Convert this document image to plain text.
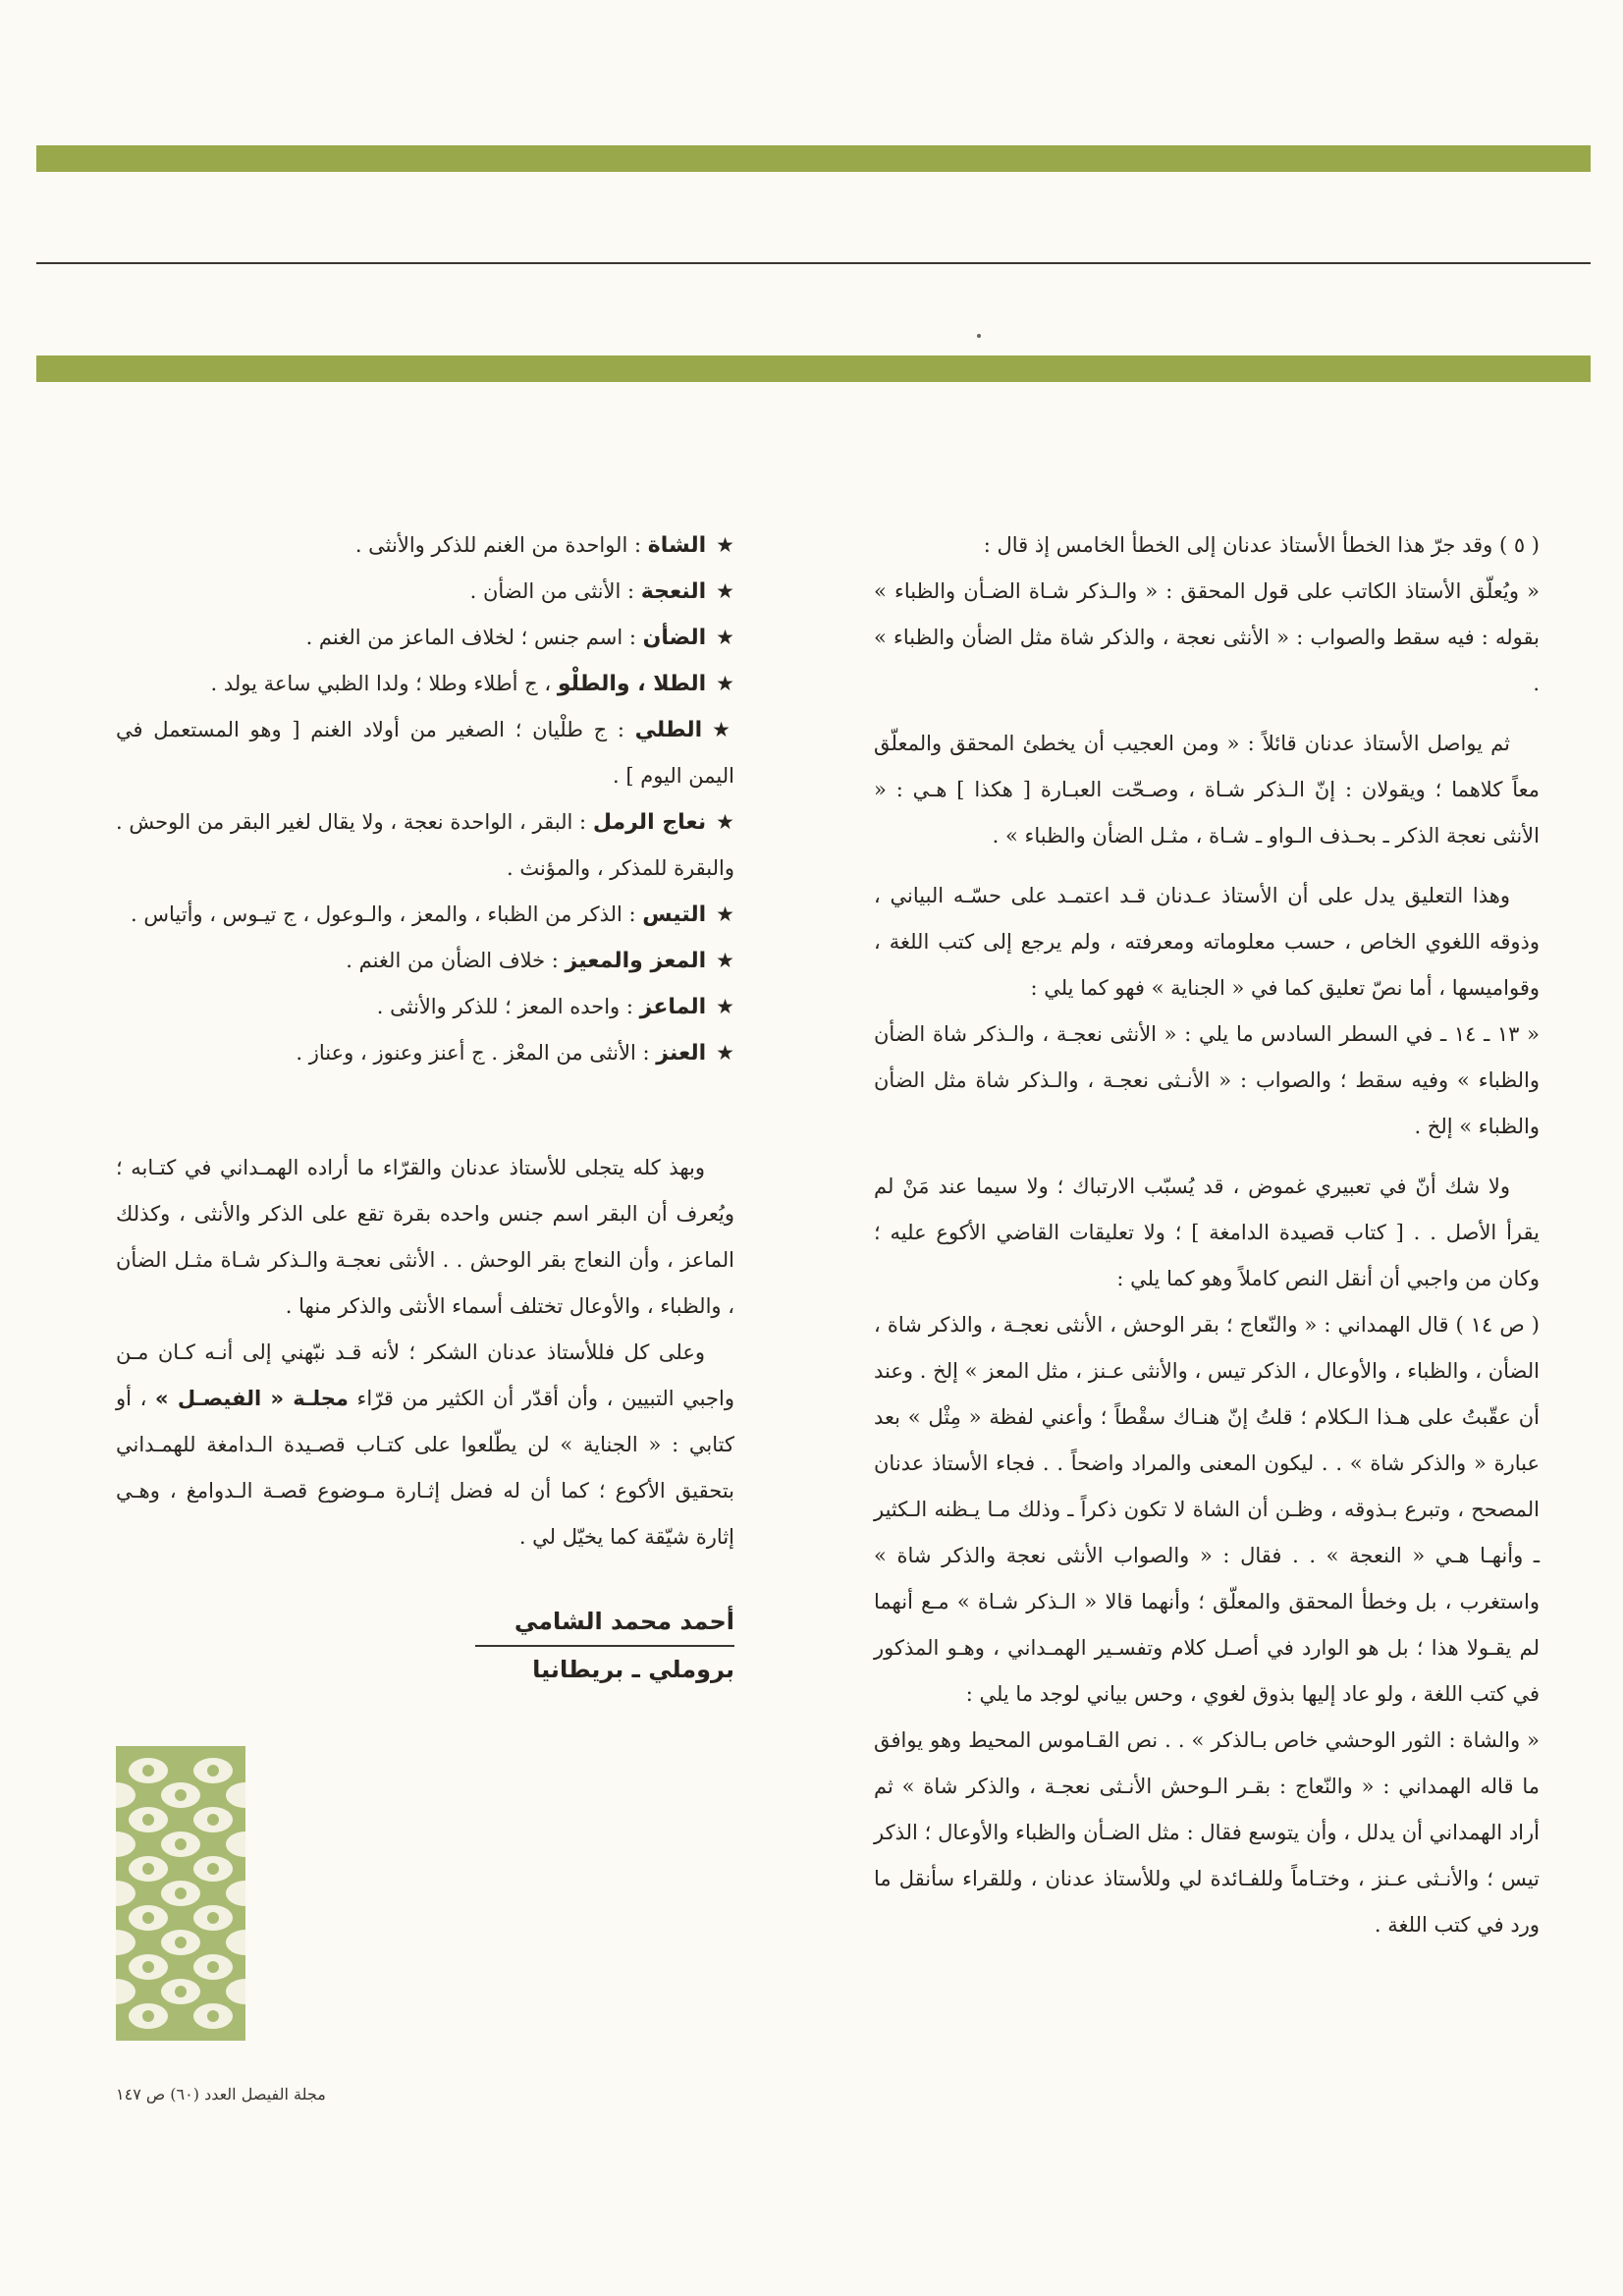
( ٥ ) وقد جرّ هذا الخطأ الأستاذ عدنان إلى الخطأ الخامس إذ قال :

« ويُعلّق الأستاذ الكاتب على قول المحقق : « والـذكر شـاة الضـأن والظباء » بقوله : فيه سقط والصواب : « الأنثى نعجة ، والذكر شاة مثل الضأن والظباء » .

ثم يواصل الأستاذ عدنان قائلاً : « ومن العجيب أن يخطئ المحقق والمعلّق معاً كلاهما ؛ ويقولان : إنّ الـذكر شـاة ، وصـحّت العبـارة [ هكذا ] هـي : « الأنثى نعجة الذكر ـ بحـذف الـواو ـ شـاة ، مثـل الضأن والظباء » .

وهذا التعليق يدل على أن الأستاذ عـدنان قـد اعتمـد على حسّـه البياني ، وذوقه اللغوي الخاص ، حسب معلوماته ومعرفته ، ولم يرجع إلى كتب اللغة ، وقواميسها ، أما نصّ تعليق كما في « الجناية » فهو كما يلي :

« ١٣ ـ ١٤ ـ في السطر السادس ما يلي : « الأنثى نعجـة ، والـذكر شاة الضأن والظباء » وفيه سقط ؛ والصواب : « الأنـثى نعجـة ، والـذكر شاة مثل الضأن والظباء » إلخ .

ولا شك أنّ في تعبيري غموض ، قد يُسبّب الارتباك ؛ ولا سيما عند مَنْ لم يقرأ الأصل . . [ كتاب قصيدة الدامغة ] ؛ ولا تعليقات القاضي الأكوع عليه ؛ وكان من واجبي أن أنقل النص كاملاً وهو كما يلي :

( ص ١٤ ) قال الهمداني : « والنّعاج ؛ بقر الوحش ، الأنثى نعجـة ، والذكر شاة ، الضأن ، والظباء ، والأوعال ، الذكر تيس ، والأنثى عـنز ، مثل المعز » إلخ . وعند أن عقّبتُ على هـذا الـكلام ؛ قلتُ إنّ هنـاك سقْطاً ؛ وأعني لفظة « مِثْل » بعد عبارة « والذكر شاة » . . ليكون المعنى والمراد واضحاً . . فجاء الأستاذ عدنان المصحح ، وتبرع بـذوقه ، وظـن أن الشاة لا تكون ذكراً ـ وذلك مـا يـظنه الـكثير ـ وأنهـا هـي « النعجة » . . فقال : « والصواب الأنثى نعجة والذكر شاة » واستغرب ، بل وخطأ المحقق والمعلّق ؛ وأنهما قالا « الـذكر شـاة » مـع أنهما لم يقـولا هذا ؛ بل هو الوارد في أصـل كلام وتفسـير الهمـداني ، وهـو المذكور في كتب اللغة ، ولو عاد إليها بذوق لغوي ، وحس بياني لوجد ما يلي :

« والشاة : الثور الوحشي خاص بـالذكر » . . نص القـاموس المحيط وهو يوافق ما قاله الهمداني : « والنّعاج : بقـر الـوحش الأنـثى نعجـة ، والذكر شاة » ثم أراد الهمداني أن يدلل ، وأن يتوسع فقال : مثل الضـأن والظباء والأوعال ؛ الذكر تيس ؛ والأنـثى عـنز ، وختـاماً وللفـائدة لي وللأستاذ عدنان ، وللقراء سأنقل ما ورد في كتب اللغة .

★الشاة : الواحدة من الغنم للذكر والأنثى .
★النعجة : الأنثى من الضأن .
★الضأن : اسم جنس ؛ لخلاف الماعز من الغنم .
★الطلا ، والطلْو ، ج أطلاء وطلا ؛ ولدا الظبي ساعة يولد .
★الطلي : ج طلْيان ؛ الصغير من أولاد الغنم [ وهو المستعمل في اليمن اليوم ] .
★نعاج الرمل : البقر ، الواحدة نعجة ، ولا يقال لغير البقر من الوحش . والبقرة للمذكر ، والمؤنث .
★التيس : الذكر من الظباء ، والمعز ، والـوعول ، ج تيـوس ، وأتياس .
★المعز والمعيز : خلاف الضأن من الغنم .
★الماعز : واحده المعز ؛ للذكر والأنثى .
★العنز : الأنثى من المعْز . ج أعنز وعنوز ، وعناز .

وبهذ كله يتجلى للأستاذ عدنان والقرّاء ما أراده الهمـداني في كتـابه ؛ ويُعرف أن البقر اسم جنس واحده بقرة تقع على الذكر والأنثى ، وكذلك الماعز ، وأن النعاج بقر الوحش . . الأنثى نعجـة والـذكر شـاة مثـل الضأن ، والظباء ، والأوعال تختلف أسماء الأنثى والذكر منها .

وعلى كل فللأستاذ عدنان الشكر ؛ لأنه قـد نبّهني إلى أنـه كـان مـن واجبي التبيين ، وأن أقدّر أن الكثير من قرّاء مجلـة « الفيصـل » ، أو كتابي : « الجناية » لن يطّلعوا على كتـاب قصـيدة الـدامغة للهمـداني بتحقيق الأكوع ؛ كما أن له فضل إثـارة مـوضوع قصـة الـدوامغ ، وهـي إثارة شيّقة كما يخيّل لي .

أحمد محمد الشامي
بروملي ـ بريطانيا
مجلة الفيصل العدد (٦٠) ص ١٤٧
